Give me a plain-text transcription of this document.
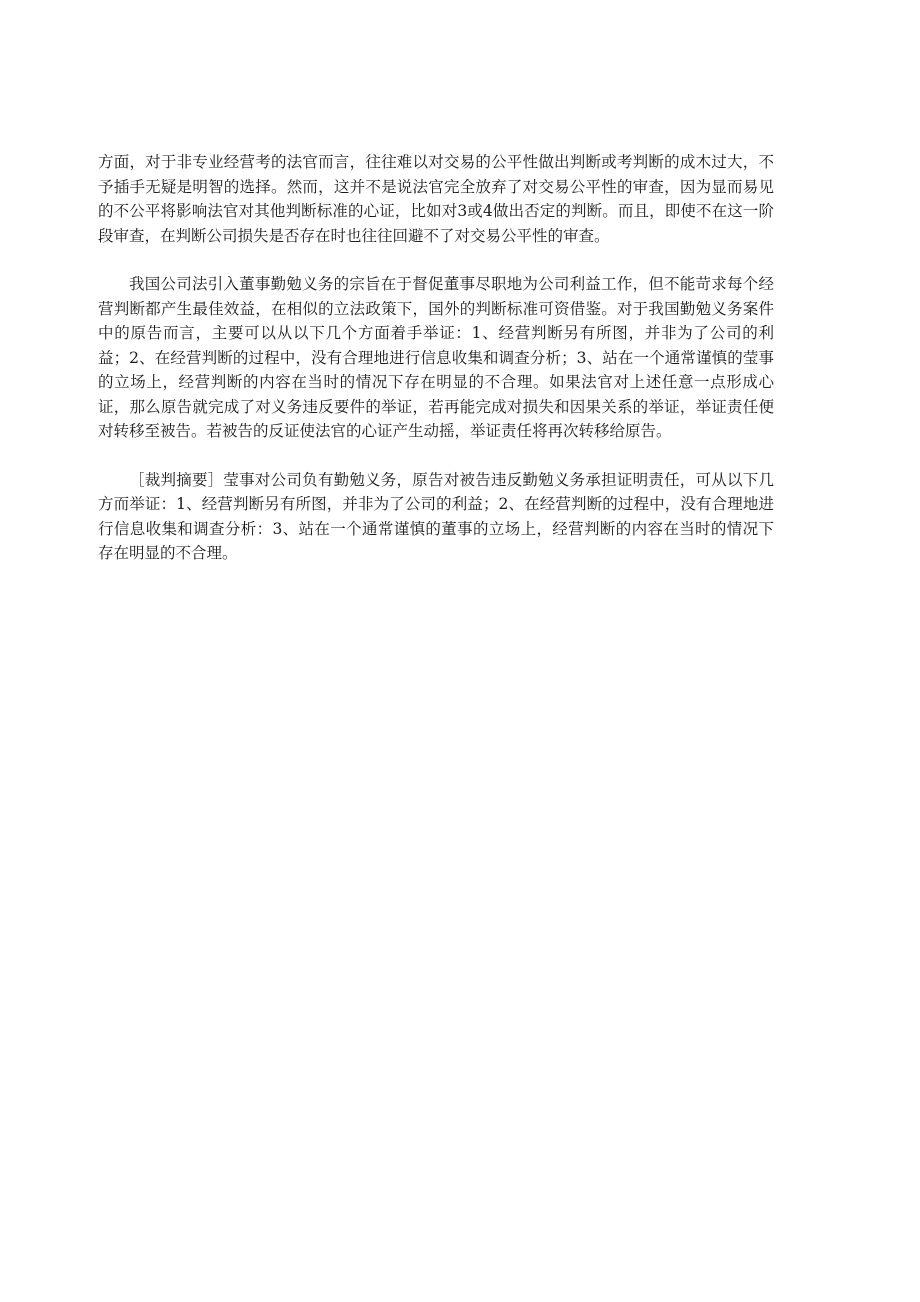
方面，对于非专业经营考的法官而言，往往难以对交易的公平性做出判断或考判断的成木过大，不予插手无疑是明智的选择。然而，这并不是说法官完全放弃了对交易公平性的审查，因为显而易见的不公平将影响法官对其他判断标准的心证，比如对3或4做出否定的判断。而且，即使不在这一阶段审查，在判断公司损失是否存在时也往往回避不了对交易公平性的审查。

我国公司法引入董事勤勉义务的宗旨在于督促董事尽职地为公司利益工作，但不能苛求每个经营判断都产生最佳效益，在相似的立法政策下，国外的判断标准可资借鉴。对于我国勤勉义务案件中的原告而言，主要可以从以下几个方面着手举证：1、经营判断另有所图，并非为了公司的利益；2、在经营判断的过程中，没有合理地进行信息收集和调查分析；3、站在一个通常谨慎的莹事的立场上，经营判断的内容在当时的情况下存在明显的不合理。如果法官对上述任意一点形成心证，那么原告就完成了对义务违反要件的举证，若再能完成对损失和因果关系的举证，举证责任便对转移至被告。若被告的反证使法官的心证产生动摇，举证责任将再次转移给原告。

［裁判摘要］莹事对公司负有勤勉义务，原告对被告违反勤勉义务承担证明责任，可从以下几方而举证：1、经营判断另有所图，并非为了公司的利益；2、在经营判断的过程中，没有合理地进行信息收集和调查分析：3、站在一个通常谨慎的董事的立场上，经营判断的内容在当时的情况下存在明显的不合理。
